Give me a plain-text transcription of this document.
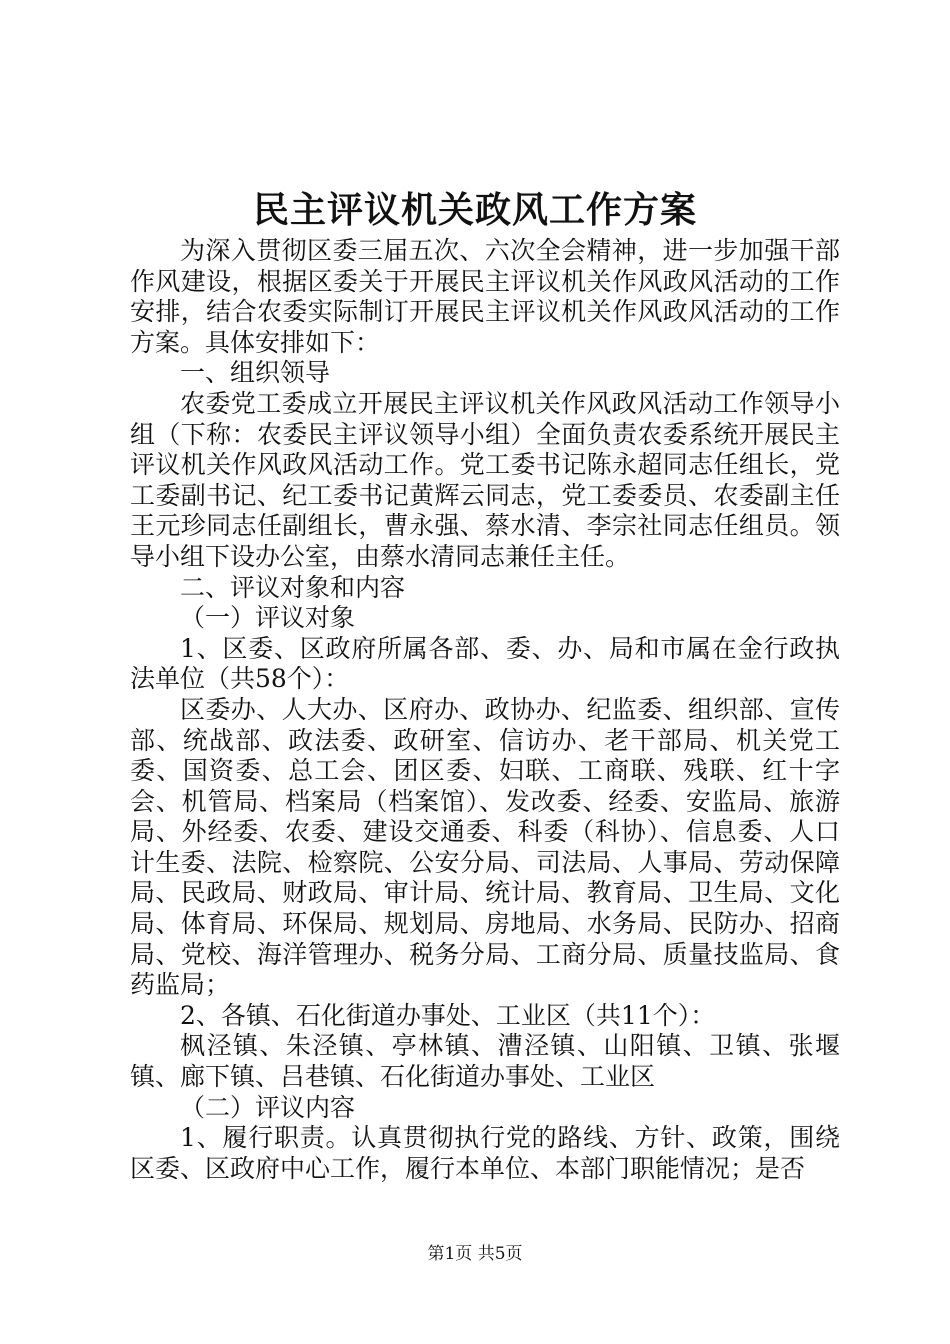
民主评议机关政风工作方案

为深入贯彻区委三届五次、六次全会精神，进一步加强干部作风建设，根据区委关于开展民主评议机关作风政风活动的工作安排，结合农委实际制订开展民主评议机关作风政风活动的工作方案。具体安排如下：

一、组织领导

农委党工委成立开展民主评议机关作风政风活动工作领导小组（下称：农委民主评议领导小组）全面负责农委系统开展民主评议机关作风政风活动工作。党工委书记陈永超同志任组长，党工委副书记、纪工委书记黄辉云同志，党工委委员、农委副主任王元珍同志任副组长，曹永强、蔡水清、李宗社同志任组员。领导小组下设办公室，由蔡水清同志兼任主任。

二、评议对象和内容

（一）评议对象

1、区委、区政府所属各部、委、办、局和市属在金行政执法单位（共58个）：

区委办、人大办、区府办、政协办、纪监委、组织部、宣传部、统战部、政法委、政研室、信访办、老干部局、机关党工委、国资委、总工会、团区委、妇联、工商联、残联、红十字会、机管局、档案局（档案馆）、发改委、经委、安监局、旅游局、外经委、农委、建设交通委、科委（科协）、信息委、人口计生委、法院、检察院、公安分局、司法局、人事局、劳动保障局、民政局、财政局、审计局、统计局、教育局、卫生局、文化局、体育局、环保局、规划局、房地局、水务局、民防办、招商局、党校、海洋管理办、税务分局、工商分局、质量技监局、食药监局；

2、各镇、石化街道办事处、工业区（共11个）：

枫泾镇、朱泾镇、亭林镇、漕泾镇、山阳镇、卫镇、张堰镇、廊下镇、吕巷镇、石化街道办事处、工业区

（二）评议内容

1、履行职责。认真贯彻执行党的路线、方针、政策，围绕区委、区政府中心工作，履行本单位、本部门职能情况；是否

第1页 共5页
